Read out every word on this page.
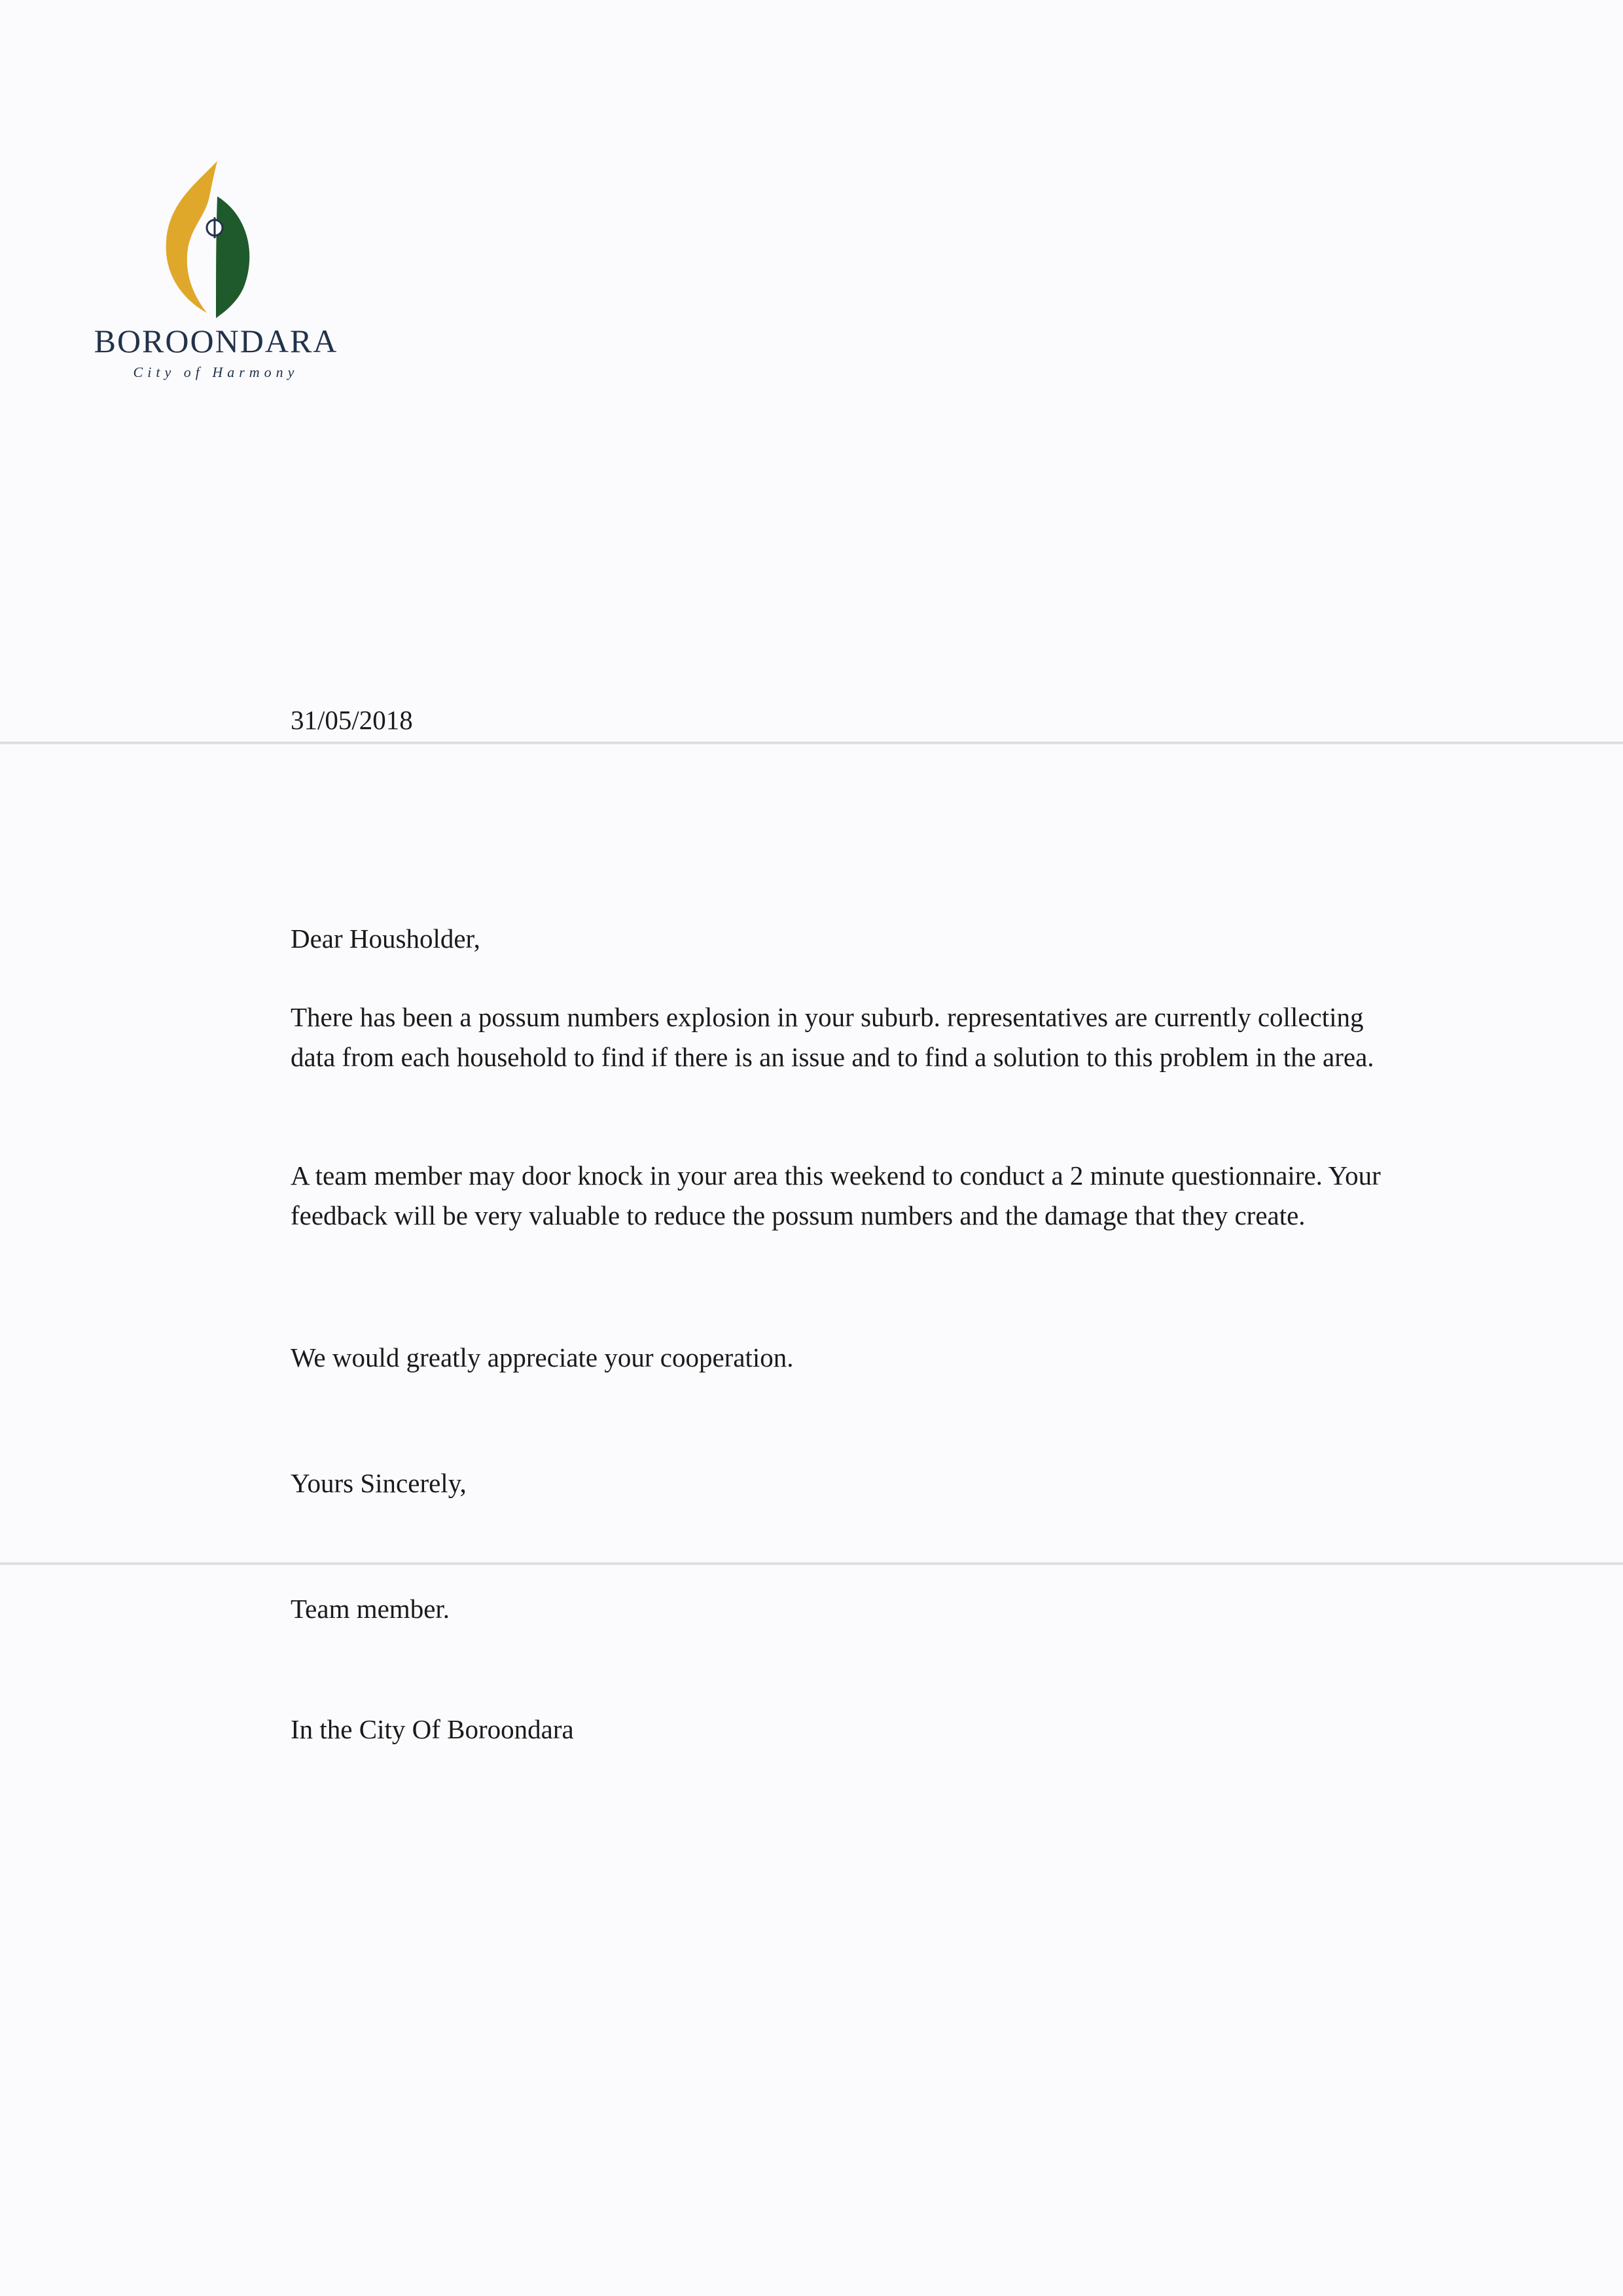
BOROONDARA
City of Harmony
31/05/2018
Dear Housholder,
There has been a possum numbers explosion in your suburb. representatives are currently collecting data from each household to find if there is an issue and to find a solution to this problem in the area.
A team member may door knock in your area this weekend to conduct a 2 minute questionnaire. Your feedback will be very valuable to reduce the possum numbers and the damage that they create.
We would greatly appreciate your cooperation.
Yours Sincerely,
Team member.
In the City Of Boroondara
